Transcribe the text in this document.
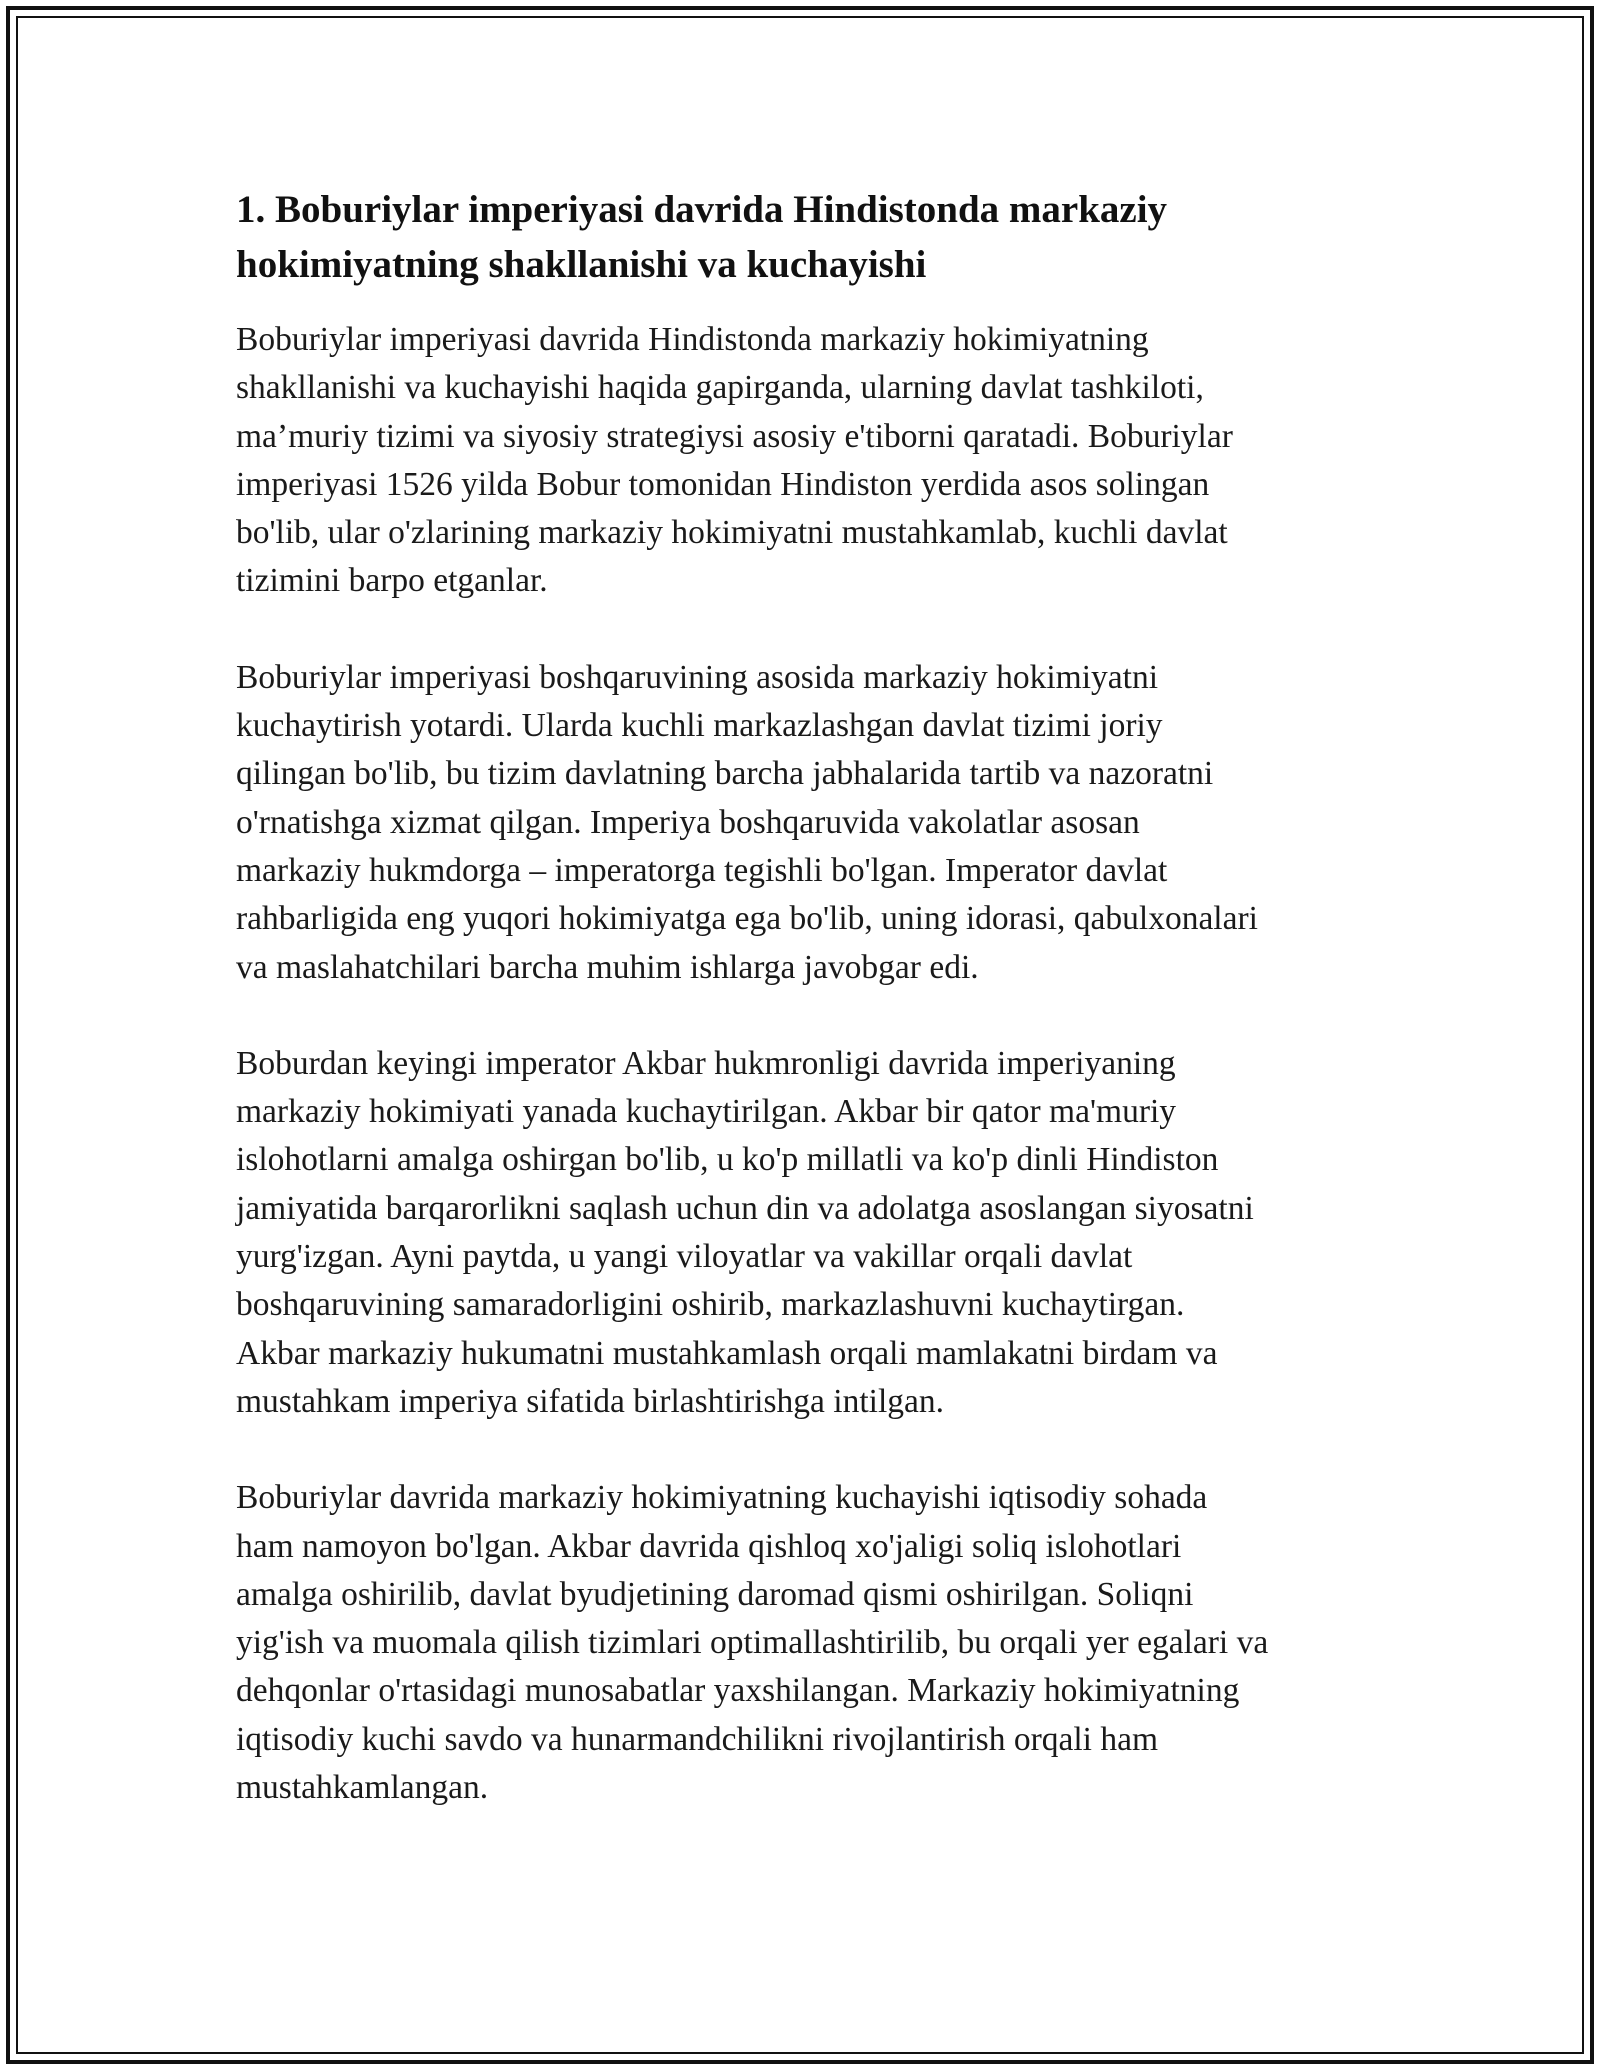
1. Boburiylar imperiyasi davrida Hindistonda markaziy
hokimiyatning shakllanishi va kuchayishi

Boburiylar imperiyasi davrida Hindistonda markaziy hokimiyatning
shakllanishi va kuchayishi haqida gapirganda, ularning davlat tashkiloti,
ma’muriy tizimi va siyosiy strategiysi asosiy e'tiborni qaratadi. Boburiylar
imperiyasi 1526 yilda Bobur tomonidan Hindiston yerdida asos solingan
bo'lib, ular o'zlarining markaziy hokimiyatni mustahkamlab, kuchli davlat
tizimini barpo etganlar.

Boburiylar imperiyasi boshqaruvining asosida markaziy hokimiyatni
kuchaytirish yotardi. Ularda kuchli markazlashgan davlat tizimi joriy
qilingan bo'lib, bu tizim davlatning barcha jabhalarida tartib va nazoratni
o'rnatishga xizmat qilgan. Imperiya boshqaruvida vakolatlar asosan
markaziy hukmdorga – imperatorga tegishli bo'lgan. Imperator davlat
rahbarligida eng yuqori hokimiyatga ega bo'lib, uning idorasi, qabulxonalari
va maslahatchilari barcha muhim ishlarga javobgar edi.

Boburdan keyingi imperator Akbar hukmronligi davrida imperiyaning
markaziy hokimiyati yanada kuchaytirilgan. Akbar bir qator ma'muriy
islohotlarni amalga oshirgan bo'lib, u ko'p millatli va ko'p dinli Hindiston
jamiyatida barqarorlikni saqlash uchun din va adolatga asoslangan siyosatni
yurg'izgan. Ayni paytda, u yangi viloyatlar va vakillar orqali davlat
boshqaruvining samaradorligini oshirib, markazlashuvni kuchaytirgan.
Akbar markaziy hukumatni mustahkamlash orqali mamlakatni birdam va
mustahkam imperiya sifatida birlashtirishga intilgan.

Boburiylar davrida markaziy hokimiyatning kuchayishi iqtisodiy sohada
ham namoyon bo'lgan. Akbar davrida qishloq xo'jaligi soliq islohotlari
amalga oshirilib, davlat byudjetining daromad qismi oshirilgan. Soliqni
yig'ish va muomala qilish tizimlari optimallashtirilib, bu orqali yer egalari va
dehqonlar o'rtasidagi munosabatlar yaxshilangan. Markaziy hokimiyatning
iqtisodiy kuchi savdo va hunarmandchilikni rivojlantirish orqali ham
mustahkamlangan.
